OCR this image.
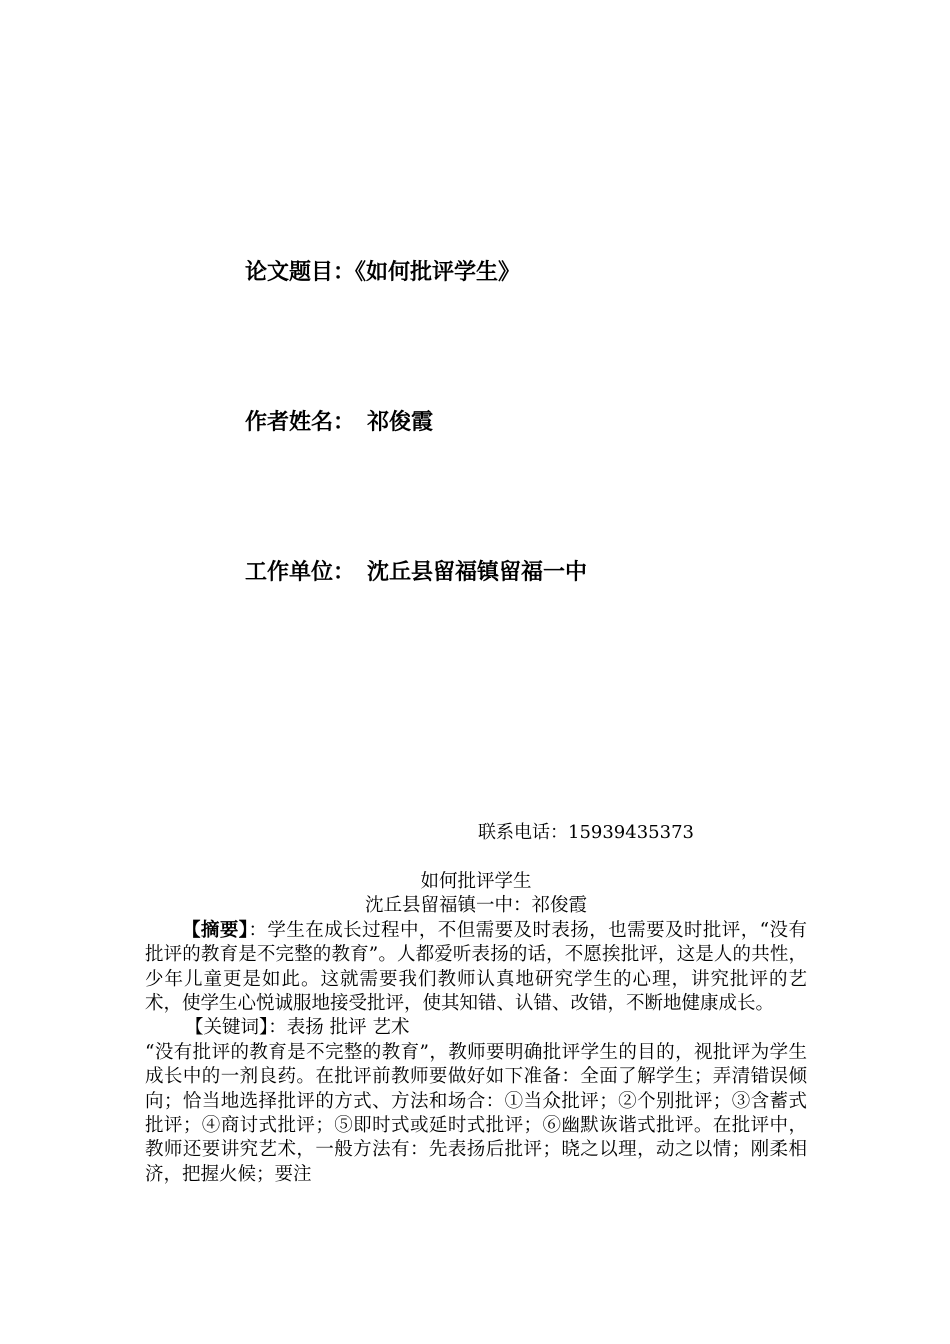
论文题目：《如何批评学生》
作者姓名： 祁俊霞
工作单位： 沈丘县留福镇留福一中
联系电话：15939435373
如何批评学生
沈丘县留福镇一中：祁俊霞

【摘要】：学生在成长过程中，不但需要及时表扬，也需要及时批评，“没有批评的教育是不完整的教育”。人都爱听表扬的话，不愿挨批评，这是人的共性，少年儿童更是如此。这就需要我们教师认真地研究学生的心理，讲究批评的艺术，使学生心悦诚服地接受批评，使其知错、认错、改错，不断地健康成长。

【关键词】：表扬 批评 艺术

“没有批评的教育是不完整的教育”，教师要明确批评学生的目的，视批评为学生成长中的一剂良药。在批评前教师要做好如下准备：全面了解学生；弄清错误倾向；恰当地选择批评的方式、方法和场合：①当众批评；②个别批评；③含蓄式批评；④商讨式批评；⑤即时式或延时式批评；⑥幽默诙谐式批评。在批评中，教师还要讲究艺术，一般方法有：先表扬后批评；晓之以理，动之以情；刚柔相济，把握火候；要注
